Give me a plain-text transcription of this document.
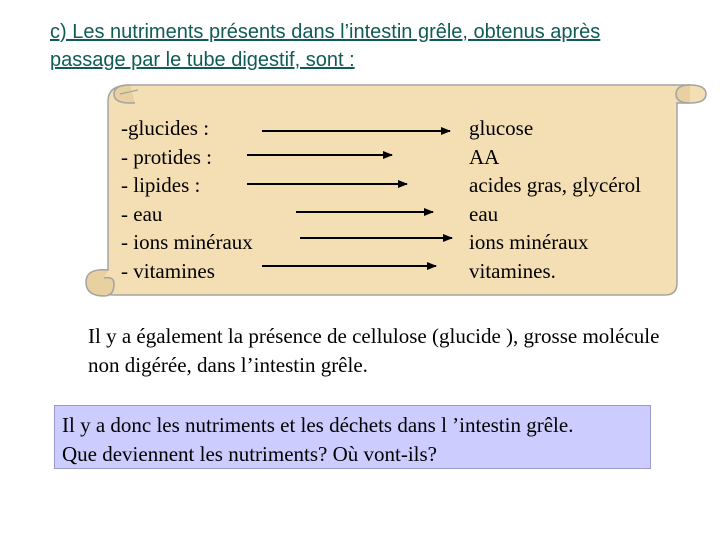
c) Les nutriments présents dans l’intestin grêle, obtenus après passage par le tube digestif, sont :
-glucides :
- protides :
- lipides :
- eau
- ions minéraux
- vitamines
glucose
AA
acides gras, glycérol
eau
ions minéraux
vitamines.
Il y a également la présence de cellulose (glucide ), grosse molécule non digérée, dans l’intestin grêle.
Il y a donc les nutriments et les déchets dans l ’intestin grêle.
Que deviennent les nutriments? Où vont-ils?
